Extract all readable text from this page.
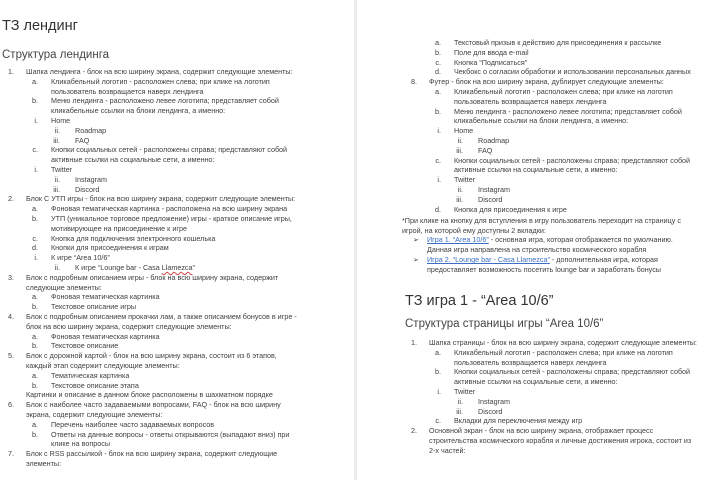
ТЗ лендинг
Структура лендинга
1. Шапка лендинга - блок на всю ширину экрана, содержит следующие элементы:
a. Кликабельный логотип - расположен слева; при клике на логотип
пользователь возвращается наверх лендинга
b. Меню лендинга - расположено левее логотипа; представляет собой
кликабельные ссылки на блоки лендинга, а именно:
i. Home
ii. Roadmap
iii. FAQ
c. Кнопки социальных сетей - расположены справа; представляют собой
активные ссылки на социальные сети, а именно:
i. Twitter
ii. Instagram
iii. Discord
2. Блок С УТП игры - блок на всю ширину экрана, содержит следующие элементы:
a. Фоновая тематическая картинка - расположена на всю ширину экрана
b. УТП (уникальное торговое предложение) игры - краткое описание игры,
мотивирующее на присоединение к игре
c. Кнопка для подключения электронного кошелька
d. Кнопки для присоединения к играм
i. К игре “Area 10/6”
ii. К игре “Lounge bar - Casa Llamezca”
3. Блок с подробным описанием игры - блок на всю ширину экрана, содержит
следующие элементы:
a. Фоновая тематическая картинка
b. Текстовое описание игры
4. Блок с подробным описанием прокачки лам, а также описанием бонусов в игре -
блок на всю ширину экрана, содержит следующие элементы:
a. Фоновая тематическая картинка
b. Текстовое описание
5. Блок с дорожной картой - блок на всю ширину экрана, состоит из 6 этапов,
каждый этап содержит следующие элементы:
a. Тематическая картинка
b. Текстовое описание этапа
Картинки и описание в данном блоке расположены в шахматном порядке
6. Блок с наиболее часто задаваемыми вопросами, FAQ - блок на всю ширину
экрана, содержит следующие элементы:
a. Перечень наиболее часто задаваемых вопросов
b. Ответы на данные вопросы - ответы открываются (выпадают вниз) при
клике на вопросы
7. Блок с RSS рассылкой - блок на всю ширину экрана, содержит следующие
элементы:
a. Текстовый призыв к действию для присоединения к рассылке
b. Поле для ввода e-mail
c. Кнопка “Подписаться”
d. Чекбокс о согласии обработки и использовании персональных данных
8. Футер - блок на всю ширину экрана, дублирует следующие элементы:
a. Кликабельный логотип - расположен слева; при клике на логотип
пользователь возвращается наверх лендинга
b. Меню лендинга - расположено левее логотипа; представляет собой
кликабельные ссылки на блоки лендинга, а именно:
i. Home
ii. Roadmap
iii. FAQ
c. Кнопки социальных сетей - расположены справа; представляют собой
активные ссылки на социальные сети, а именно:
i. Twitter
ii. Instagram
iii. Discord
d. Кнопка для присоединения к игре
*При клике на кнопку для вступления в игру пользователь переходит на страницу с
игрой, на которой ему доступны 2 вкладки:
➢ Игра 1. “Area 10/6” - основная игра, которая отображается по умолчанию.
Данная игра направлена на строительство космического корабля
➢ Игра 2. “Lounge bar - Casa Llamezca” - дополнительная игра, которая
предоставляет возможность посетить lounge bar и заработать бонусы
ТЗ игра 1 - “Area 10/6”
Структура страницы игры “Area 10/6”
1. Шапка страницы - блок на всю ширину экрана, содержит следующие элементы:
a. Кликабельный логотип - расположен слева; при клике на логотип
пользователь возвращается наверх лендинга
b. Кнопки социальных сетей - расположены справа; представляют собой
активные ссылки на социальные сети, а именно:
i. Twitter
ii. Instagram
iii. Discord
c. Вкладки для переключения между игр
2. Основной экран - блок на всю ширину экрана, отображает процесс
строительства космического корабля и личные достижения игрока, состоит из
2-х частей:
